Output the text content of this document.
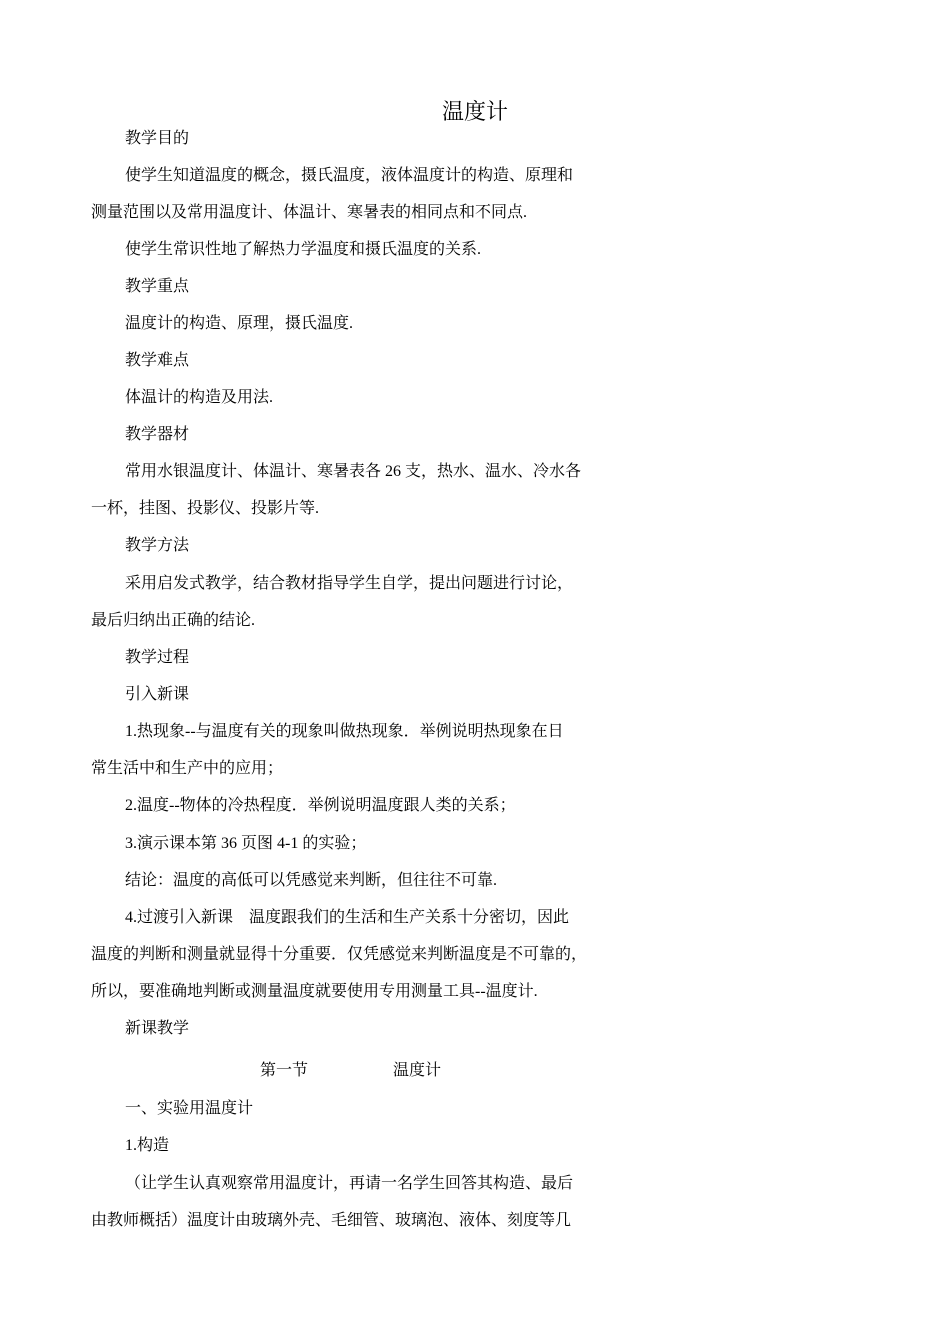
温度计
教学目的
使学生知道温度的概念，摄氏温度，液体温度计的构造、原理和
测量范围以及常用温度计、体温计、寒暑表的相同点和不同点.
使学生常识性地了解热力学温度和摄氏温度的关系.
教学重点
温度计的构造、原理，摄氏温度.
教学难点
体温计的构造及用法.
教学器材
常用水银温度计、体温计、寒暑表各 26 支，热水、温水、冷水各
一杯，挂图、投影仪、投影片等.
教学方法
采用启发式教学，结合教材指导学生自学，提出问题进行讨论，
最后归纳出正确的结论.
教学过程
引入新课
1.热现象--与温度有关的现象叫做热现象．举例说明热现象在日
常生活中和生产中的应用；
2.温度--物体的冷热程度．举例说明温度跟人类的关系；
3.演示课本第 36 页图 4-1 的实验；
结论：温度的高低可以凭感觉来判断，但往往不可靠.
4.过渡引入新课　温度跟我们的生活和生产关系十分密切，因此
温度的判断和测量就显得十分重要．仅凭感觉来判断温度是不可靠的，
所以，要准确地判断或测量温度就要使用专用测量工具--温度计.
新课教学
第一节	温度计
一、实验用温度计
1.构造
（让学生认真观察常用温度计，再请一名学生回答其构造、最后
由教师概括）温度计由玻璃外壳、毛细管、玻璃泡、液体、刻度等几
